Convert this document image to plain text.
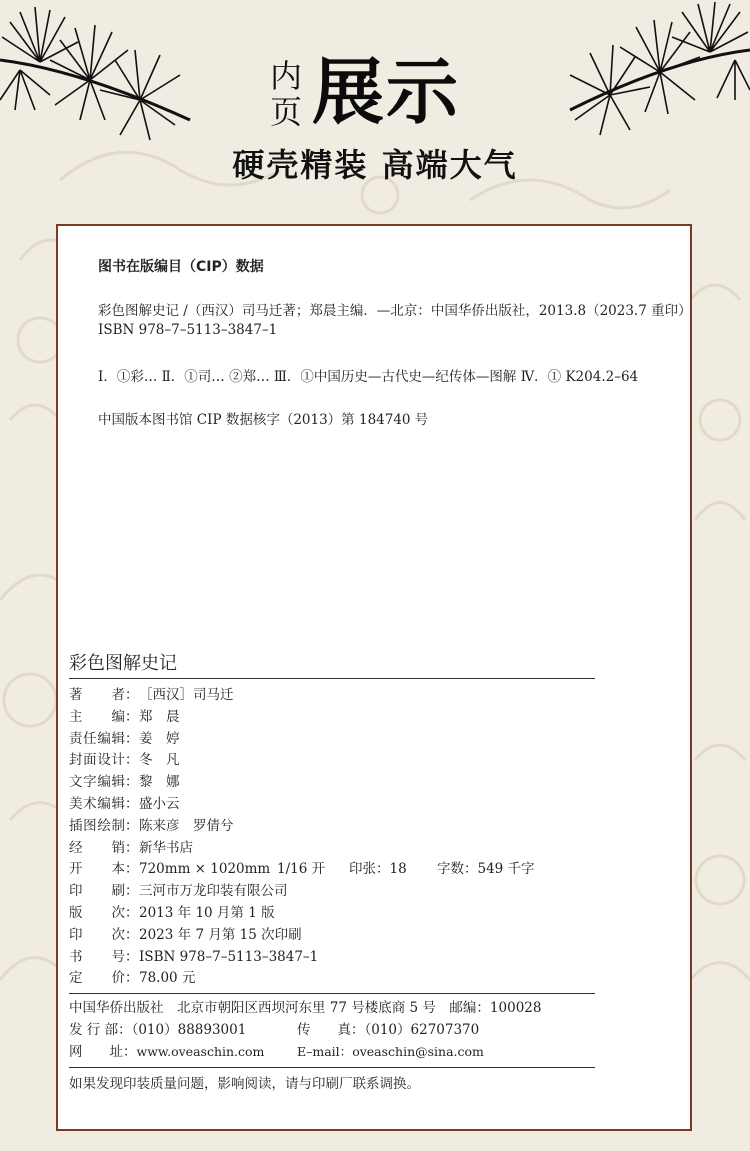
内
页 展示
硬壳精装 高端大气
图书在版编目（CIP）数据
彩色图解史记 /（西汉）司马迁著；郑晨主编．—北京：中国华侨出版社，2013.8（2023.7 重印）
ISBN 978–7–5113–3847–1
Ⅰ．①彩… Ⅱ．①司… ②郑… Ⅲ．①中国历史—古代史—纪传体—图解 Ⅳ．① K204.2–64
中国版本图书馆 CIP 数据核字（2013）第 184740 号
彩色图解史记
著　者：［西汉］司马迁
主　编：郑　晨
责任编辑：姜　婷
封面设计：冬　凡
文字编辑：黎　娜
美术编辑：盛小云
插图绘制：陈来彦　罗倩兮
经　销：新华书店
开　本：720mm × 1020mm 1/16 开 印张：18 字数：549 千字
印　刷：三河市万龙印装有限公司
版　次：2013 年 10 月第 1 版
印　次：2023 年 7 月第 15 次印刷
书　号：ISBN 978–7–5113–3847–1
定　价：78.00 元
中国华侨出版社　北京市朝阳区西坝河东里 77 号楼底商 5 号　邮编：100028
发 行 部：（010）88893001	传　　真：（010）62707370
网　　址：www.oveaschin.com	E–mail：oveaschin@sina.com
如果发现印装质量问题，影响阅读，请与印刷厂联系调换。
